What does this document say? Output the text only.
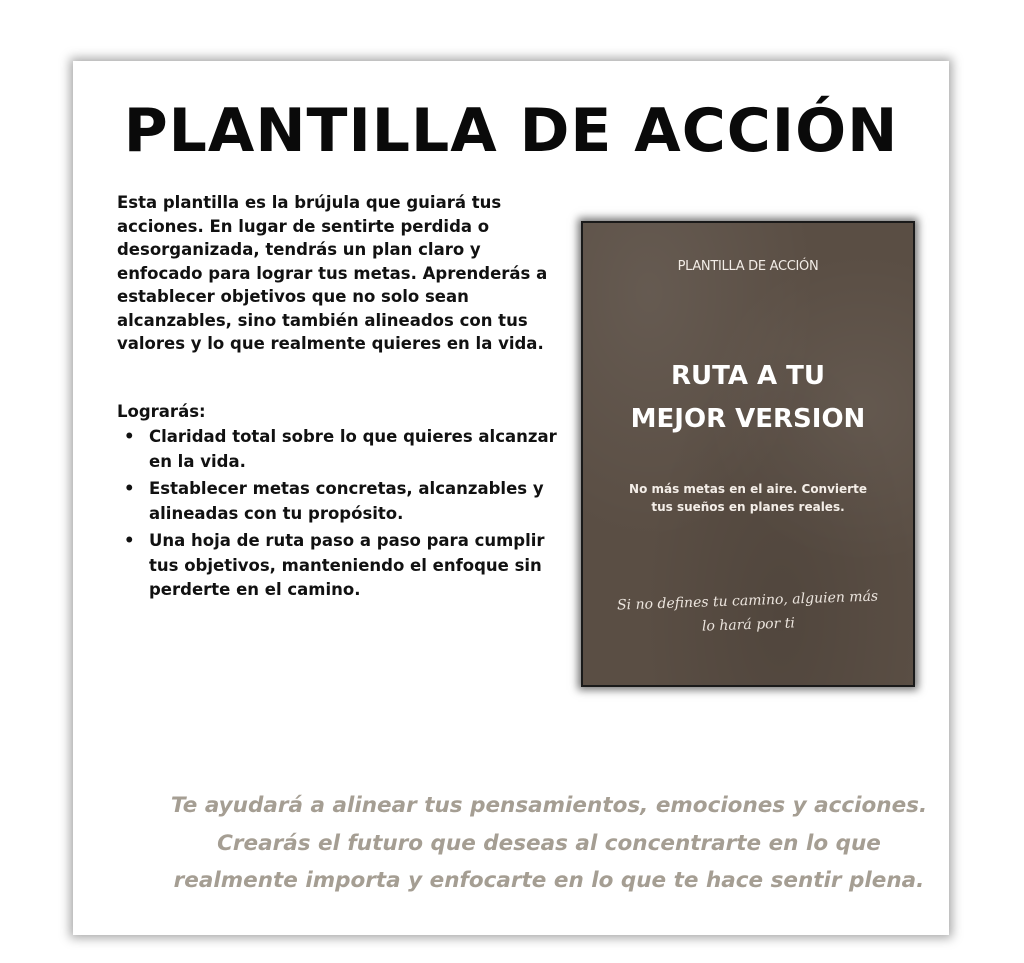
PLANTILLA DE ACCIÓN

Esta plantilla es la brújula que guiará tus acciones. En lugar de sentirte perdida o desorganizada, tendrás un plan claro y enfocado para lograr tus metas. Aprenderás a establecer objetivos que no solo sean alcanzables, sino también alineados con tus valores y lo que realmente quieres en la vida.

Lograrás:

• Claridad total sobre lo que quieres alcanzar en la vida.
• Establecer metas concretas, alcanzables y alineadas con tu propósito.
• Una hoja de ruta paso a paso para cumplir tus objetivos, manteniendo el enfoque sin perderte en el camino.
PLANTILLA DE ACCIÓN
RUTA A TU
MEJOR VERSION
No más metas en el aire. Convierte tus sueños en planes reales.
Si no defines tu camino, alguien más lo hará por ti

Te ayudará a alinear tus pensamientos, emociones y acciones. Crearás el futuro que deseas al concentrarte en lo que realmente importa y enfocarte en lo que te hace sentir plena.
